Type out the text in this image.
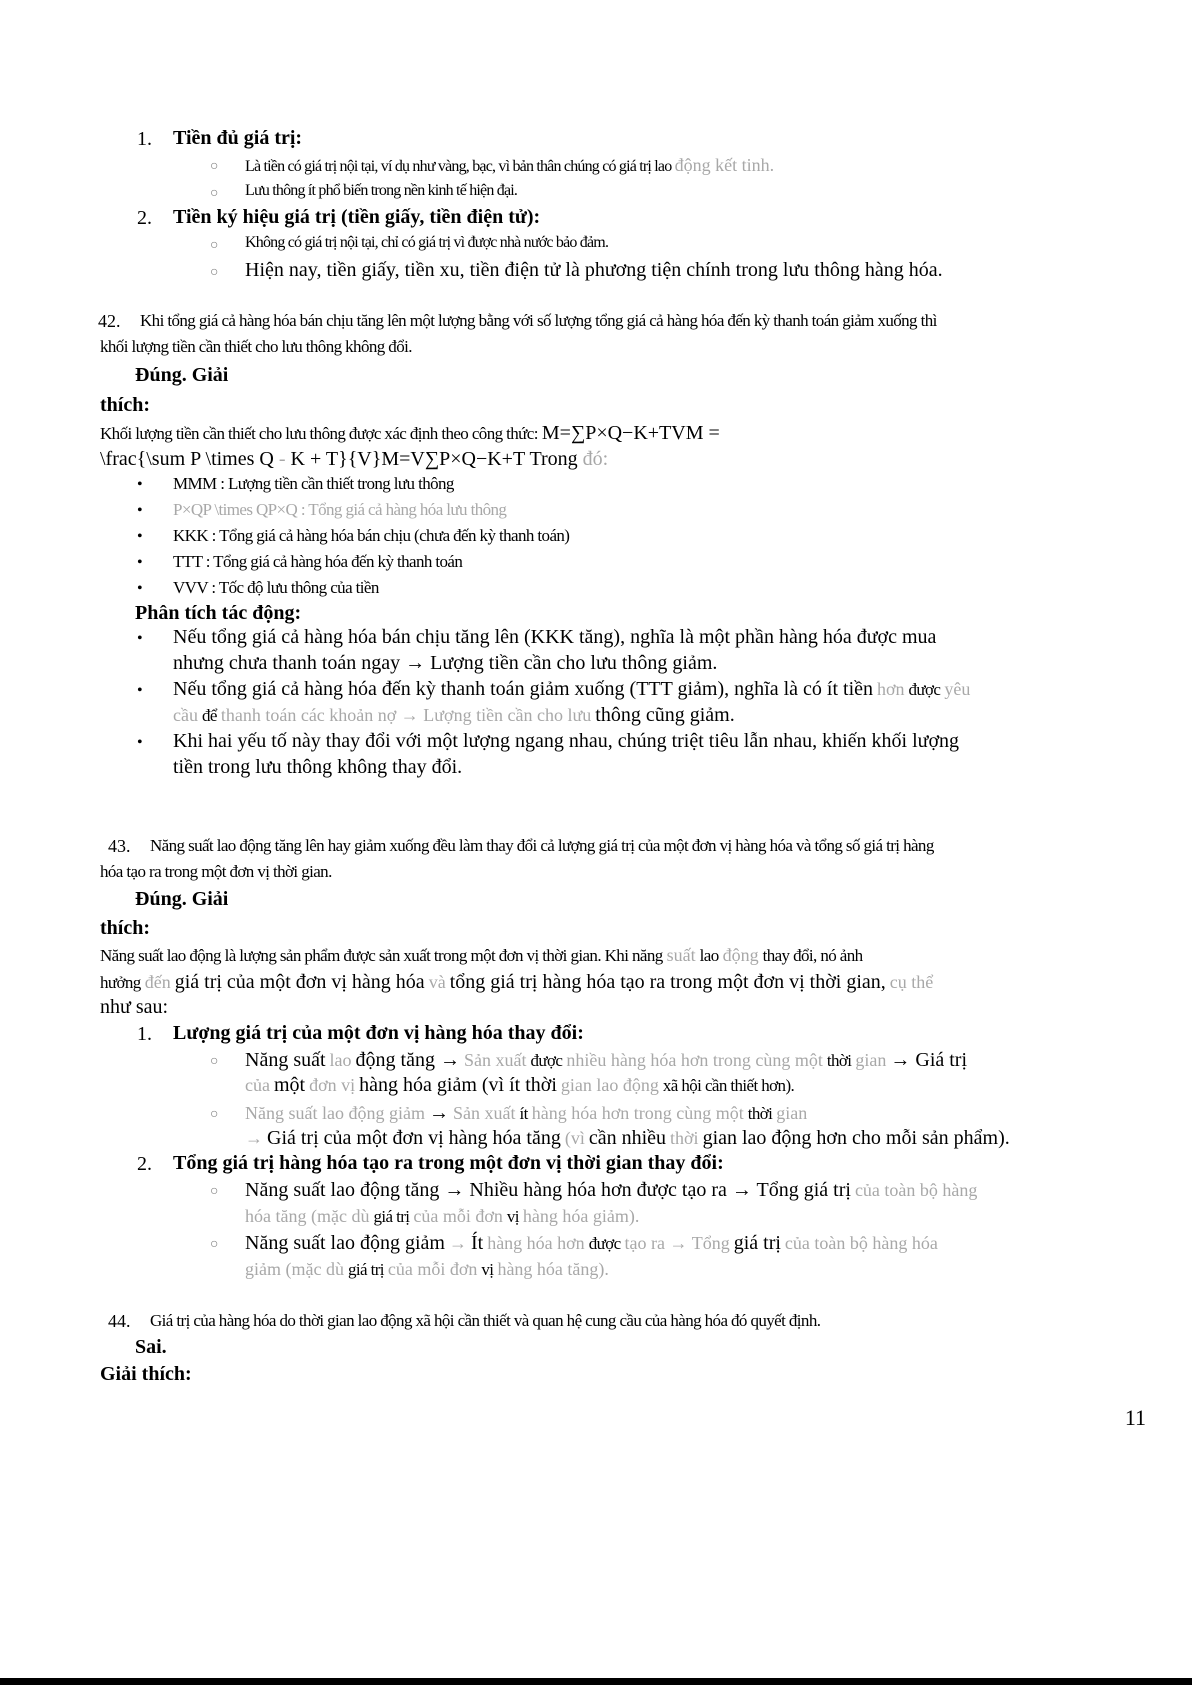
1. Tiền đủ giá trị:
○ Là tiền có giá trị nội tại, ví dụ như vàng, bạc, vì bản thân chúng có giá trị lao động kết tinh.
○ Lưu thông ít phổ biến trong nền kinh tế hiện đại.
2. Tiền ký hiệu giá trị (tiền giấy, tiền điện tử):
○ Không có giá trị nội tại, chỉ có giá trị vì được nhà nước bảo đảm.
○ Hiện nay, tiền giấy, tiền xu, tiền điện tử là phương tiện chính trong lưu thông hàng hóa.
42. Khi tổng giá cả hàng hóa bán chịu tăng lên một lượng bằng với số lượng tổng giá cả hàng hóa đến kỳ thanh toán giảm xuống thì
khối lượng tiền cần thiết cho lưu thông không đổi.
Đúng. Giải
thích:
Khối lượng tiền cần thiết cho lưu thông được xác định theo công thức: M=∑P×Q−K+TVM =
\frac{\sum P \times Q - K + T}{V}M=V∑P×Q−K+T Trong đó:
• MMM : Lượng tiền cần thiết trong lưu thông
• P×QP \times QP×Q : Tổng giá cả hàng hóa lưu thông
• KKK : Tổng giá cả hàng hóa bán chịu (chưa đến kỳ thanh toán)
• TTT : Tổng giá cả hàng hóa đến kỳ thanh toán
• VVV : Tốc độ lưu thông của tiền
Phân tích tác động:
• Nếu tổng giá cả hàng hóa bán chịu tăng lên (KKK tăng), nghĩa là một phần hàng hóa được mua
nhưng chưa thanh toán ngay → Lượng tiền cần cho lưu thông giảm.
• Nếu tổng giá cả hàng hóa đến kỳ thanh toán giảm xuống (TTT giảm), nghĩa là có ít tiền hơn được yêu
cầu để thanh toán các khoản nợ → Lượng tiền cần cho lưu thông cũng giảm.
• Khi hai yếu tố này thay đổi với một lượng ngang nhau, chúng triệt tiêu lẫn nhau, khiến khối lượng
tiền trong lưu thông không thay đổi.
43. Năng suất lao động tăng lên hay giảm xuống đều làm thay đổi cả lượng giá trị của một đơn vị hàng hóa và tổng số giá trị hàng
hóa tạo ra trong một đơn vị thời gian.
Đúng. Giải
thích:
Năng suất lao động là lượng sản phẩm được sản xuất trong một đơn vị thời gian. Khi năng suất lao động thay đổi, nó ảnh
hưởng đến giá trị của một đơn vị hàng hóa và tổng giá trị hàng hóa tạo ra trong một đơn vị thời gian, cụ thể
như sau:
1. Lượng giá trị của một đơn vị hàng hóa thay đổi:
○ Năng suất lao động tăng → Sản xuất được nhiều hàng hóa hơn trong cùng một thời gian → Giá trị
của một đơn vị hàng hóa giảm (vì ít thời gian lao động xã hội cần thiết hơn).
○ Năng suất lao động giảm → Sản xuất ít hàng hóa hơn trong cùng một thời gian
→ Giá trị của một đơn vị hàng hóa tăng (vì cần nhiều thời gian lao động hơn cho mỗi sản phẩm).
2. Tổng giá trị hàng hóa tạo ra trong một đơn vị thời gian thay đổi:
○ Năng suất lao động tăng → Nhiều hàng hóa hơn được tạo ra → Tổng giá trị của toàn bộ hàng
hóa tăng (mặc dù giá trị của mỗi đơn vị hàng hóa giảm).
○ Năng suất lao động giảm → Ít hàng hóa hơn được tạo ra → Tổng giá trị của toàn bộ hàng hóa
giảm (mặc dù giá trị của mỗi đơn vị hàng hóa tăng).
44. Giá trị của hàng hóa do thời gian lao động xã hội cần thiết và quan hệ cung cầu của hàng hóa đó quyết định.
Sai.
Giải thích:
11
